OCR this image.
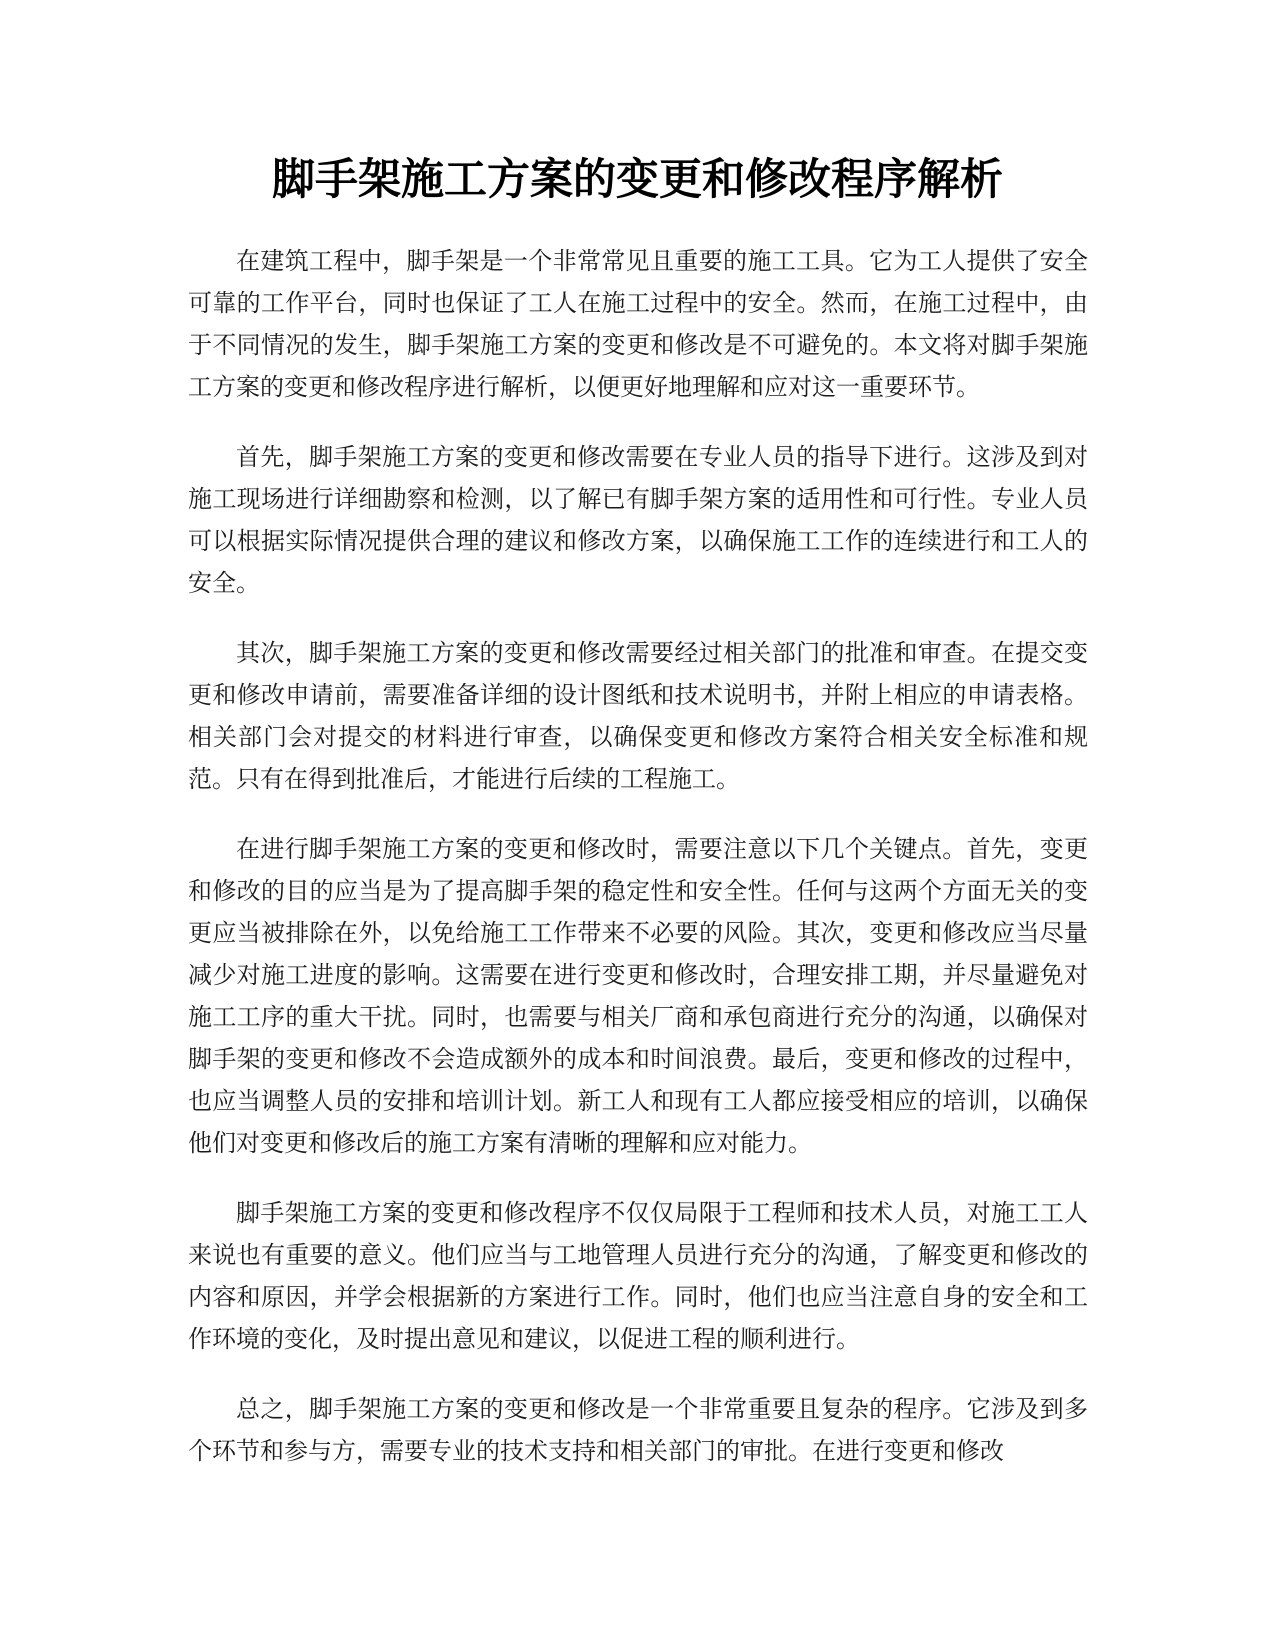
脚手架施工方案的变更和修改程序解析

在建筑工程中，脚手架是一个非常常见且重要的施工工具。它为工人提供了安全可靠的工作平台，同时也保证了工人在施工过程中的安全。然而，在施工过程中，由于不同情况的发生，脚手架施工方案的变更和修改是不可避免的。本文将对脚手架施工方案的变更和修改程序进行解析，以便更好地理解和应对这一重要环节。

首先，脚手架施工方案的变更和修改需要在专业人员的指导下进行。这涉及到对施工现场进行详细勘察和检测，以了解已有脚手架方案的适用性和可行性。专业人员可以根据实际情况提供合理的建议和修改方案，以确保施工工作的连续进行和工人的安全。

其次，脚手架施工方案的变更和修改需要经过相关部门的批准和审查。在提交变更和修改申请前，需要准备详细的设计图纸和技术说明书，并附上相应的申请表格。相关部门会对提交的材料进行审查，以确保变更和修改方案符合相关安全标准和规范。只有在得到批准后，才能进行后续的工程施工。

在进行脚手架施工方案的变更和修改时，需要注意以下几个关键点。首先，变更和修改的目的应当是为了提高脚手架的稳定性和安全性。任何与这两个方面无关的变更应当被排除在外，以免给施工工作带来不必要的风险。其次，变更和修改应当尽量减少对施工进度的影响。这需要在进行变更和修改时，合理安排工期，并尽量避免对施工工序的重大干扰。同时，也需要与相关厂商和承包商进行充分的沟通，以确保对脚手架的变更和修改不会造成额外的成本和时间浪费。最后，变更和修改的过程中，也应当调整人员的安排和培训计划。新工人和现有工人都应接受相应的培训，以确保他们对变更和修改后的施工方案有清晰的理解和应对能力。

脚手架施工方案的变更和修改程序不仅仅局限于工程师和技术人员，对施工工人来说也有重要的意义。他们应当与工地管理人员进行充分的沟通，了解变更和修改的内容和原因，并学会根据新的方案进行工作。同时，他们也应当注意自身的安全和工作环境的变化，及时提出意见和建议，以促进工程的顺利进行。

总之，脚手架施工方案的变更和修改是一个非常重要且复杂的程序。它涉及到多个环节和参与方，需要专业的技术支持和相关部门的审批。在进行变更和修改
